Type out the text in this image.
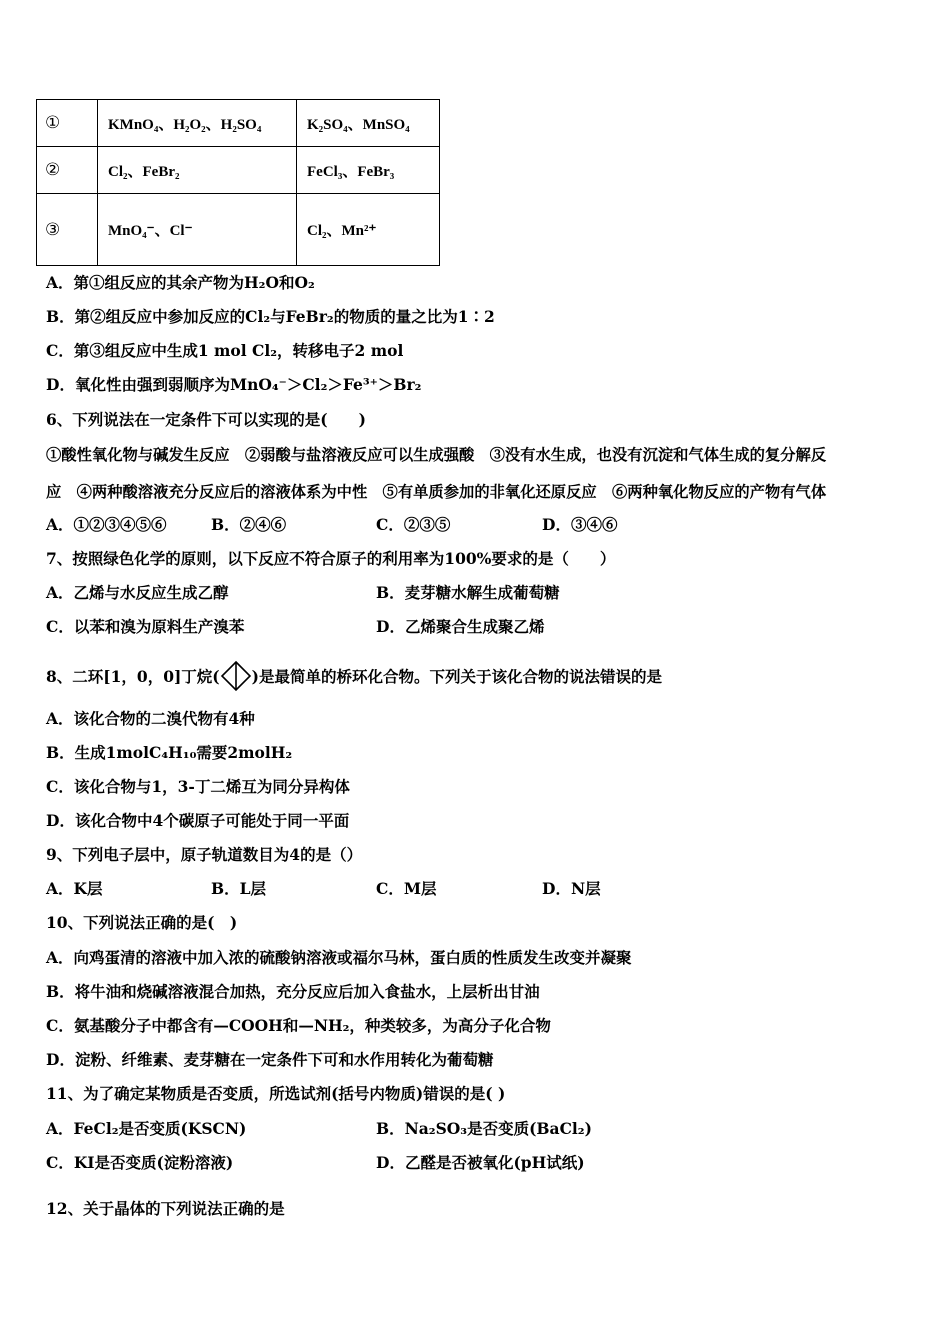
①	KMnO₄、H₂O₂、H₂SO₄	K₂SO₄、MnSO₄
②	Cl₂、FeBr₂	FeCl₃、FeBr₃
③	MnO₄⁻、Cl⁻	Cl₂、Mn²⁺
A．第①组反应的其余产物为H₂O和O₂
B．第②组反应中参加反应的Cl₂与FeBr₂的物质的量之比为1∶2
C．第③组反应中生成1 mol Cl₂，转移电子2 mol
D．氧化性由强到弱顺序为MnO₄⁻＞Cl₂＞Fe³⁺＞Br₂
6、下列说法在一定条件下可以实现的是(　　)
①酸性氧化物与碱发生反应　②弱酸与盐溶液反应可以生成强酸　③没有水生成，也没有沉淀和气体生成的复分解反
应　④两种酸溶液充分反应后的溶液体系为中性　⑤有单质参加的非氧化还原反应　⑥两种氧化物反应的产物有气体
A．①②③④⑤⑥	B．②④⑥	C．②③⑤	D．③④⑥
7、按照绿色化学的原则，以下反应不符合原子的利用率为100%要求的是（　　）
A．乙烯与水反应生成乙醇	B．麦芽糖水解生成葡萄糖
C．以苯和溴为原料生产溴苯	D．乙烯聚合生成聚乙烯
8、二环[1，0，0]丁烷( )是最简单的桥环化合物。下列关于该化合物的说法错误的是
A．该化合物的二溴代物有4种
B．生成1molC₄H₁₀需要2molH₂
C．该化合物与1，3-丁二烯互为同分异构体
D．该化合物中4个碳原子可能处于同一平面
9、下列电子层中，原子轨道数目为4的是（）
A．K层	B．L层	C．M层	D．N层
10、下列说法正确的是(　)
A．向鸡蛋清的溶液中加入浓的硫酸钠溶液或福尔马林，蛋白质的性质发生改变并凝聚
B．将牛油和烧碱溶液混合加热，充分反应后加入食盐水，上层析出甘油
C．氨基酸分子中都含有—COOH和—NH₂，种类较多，为高分子化合物
D．淀粉、纤维素、麦芽糖在一定条件下可和水作用转化为葡萄糖
11、为了确定某物质是否变质，所选试剂(括号内物质)错误的是( )
A．FeCl₂是否变质(KSCN)	B．Na₂SO₃是否变质(BaCl₂)
C．KI是否变质(淀粉溶液)	D．乙醛是否被氧化(pH试纸)
12、关于晶体的下列说法正确的是
